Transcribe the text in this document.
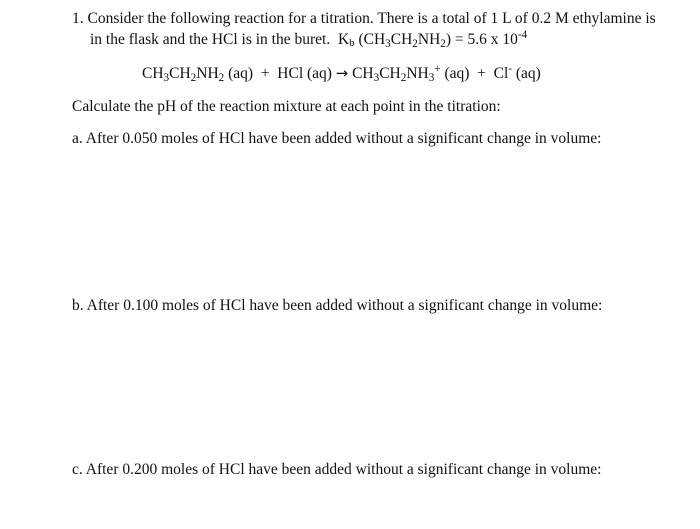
1. Consider the following reaction for a titration. There is a total of 1 L of 0.2 M ethylamine is
in the flask and the HCl is in the buret. Kb $(CH_3CH_2NH_2) = 5.6$ x $10^{-4}$
$CH_3CH_2NH_2$ (aq)  +  HCl $(aq) \to CH_3CH_2NH_3^+$ (aq)  +  Cl- (aq)
Calculate the pH of the reaction mixture at each point in the titration:
a. After 0.050 moles of HCl have been added without a significant change in volume:
b. After 0.100 moles of HCl have been added without a significant change in volume:
c. After 0.200 moles of HCl have been added without a significant change in volume:
